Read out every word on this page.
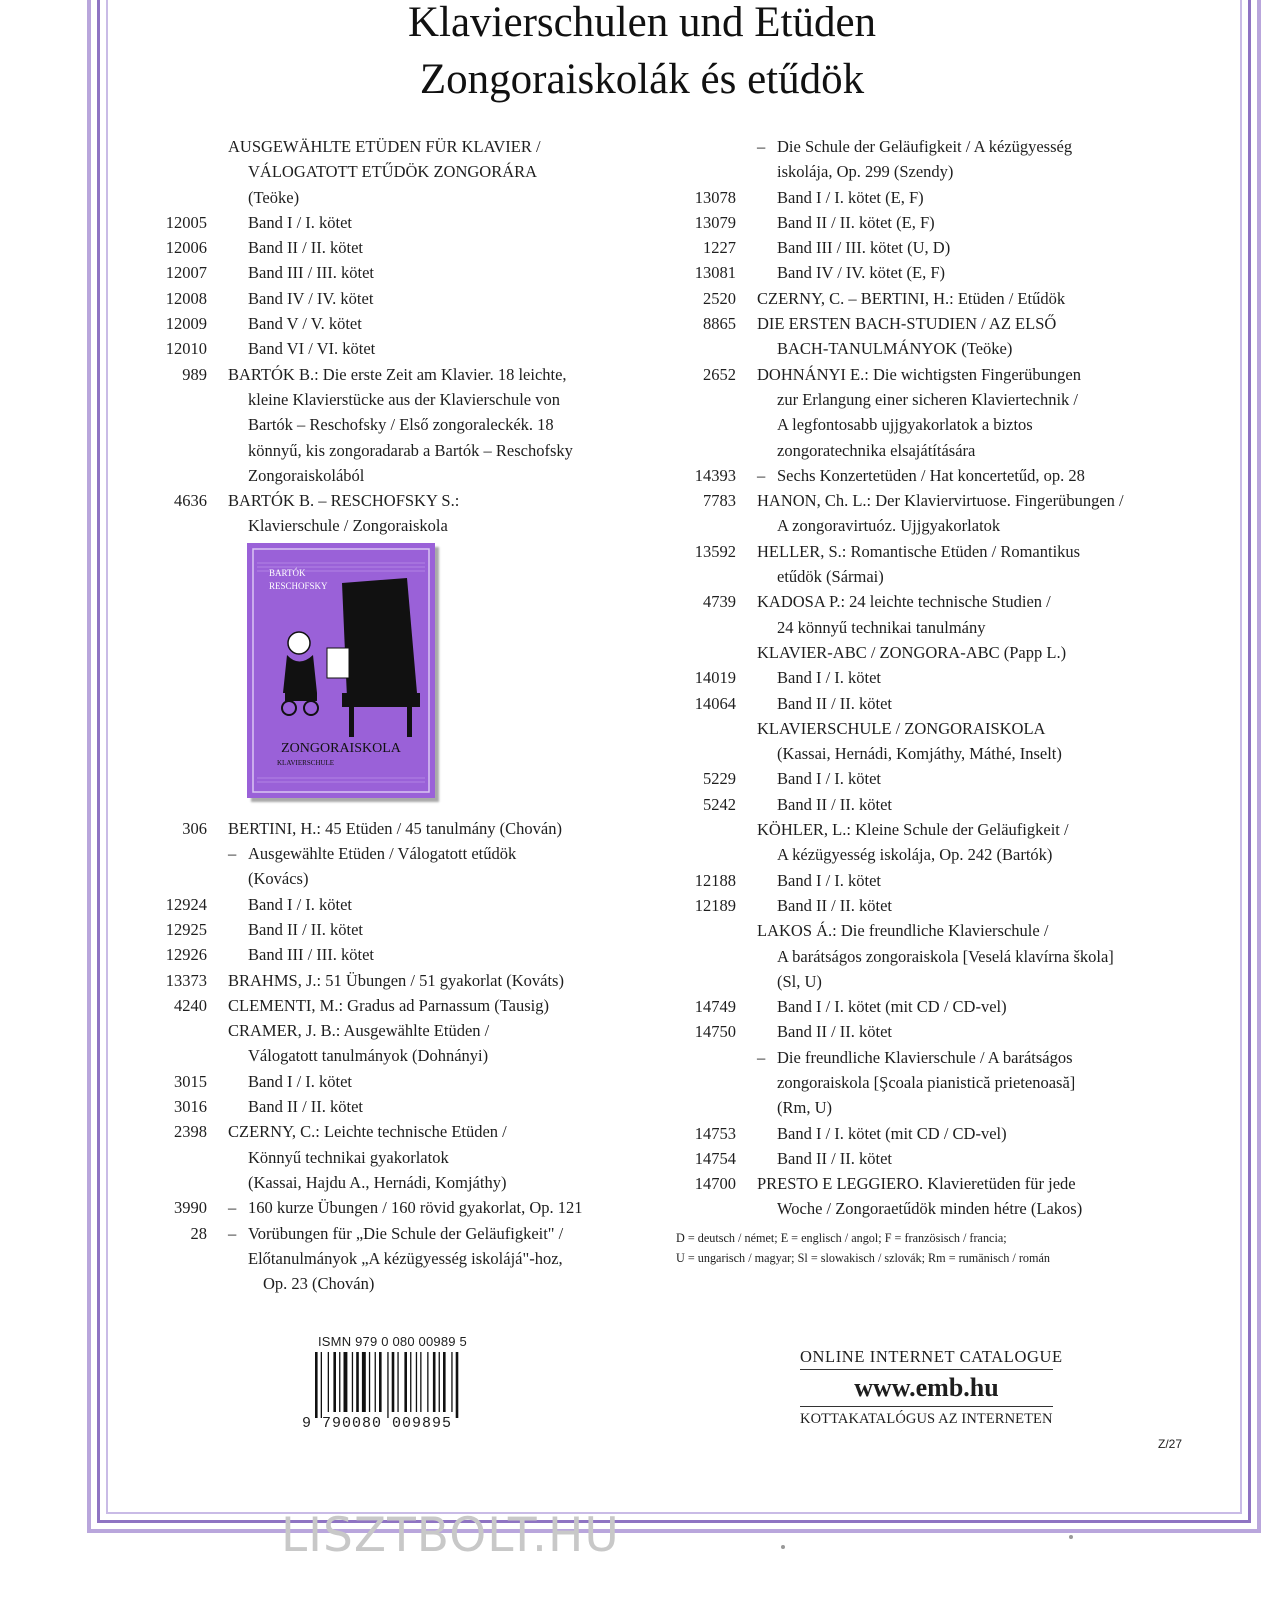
Klavierschulen und Etüden
Zongoraiskolák és etűdök
AUSGEWÄHLTE ETÜDEN FÜR KLAVIER /
VÁLOGATOTT ETŰDÖK ZONGORÁRA
(Teöke)
12005	Band I / I. kötet
12006	Band II / II. kötet
12007	Band III / III. kötet
12008	Band IV / IV. kötet
12009	Band V / V. kötet
12010	Band VI / VI. kötet
989	BARTÓK B.: Die erste Zeit am Klavier. 18 leichte,
kleine Klavierstücke aus der Klavierschule von
Bartók – Reschofsky / Első zongoraleckék. 18
könnyű, kis zongoradarab a Bartók – Reschofsky
Zongoraiskolából
4636	BARTÓK B. – RESCHOFSKY S.:
Klavierschule / Zongoraiskola
BARTÓK
RESCHOFSKY
ZONGORAISKOLA
KLAVIERSCHULE
306	BERTINI, H.: 45 Etüden / 45 tanulmány (Chován)
– Ausgewählte Etüden / Válogatott etűdök
(Kovács)
12924	Band I / I. kötet
12925	Band II / II. kötet
12926	Band III / III. kötet
13373	BRAHMS, J.: 51 Übungen / 51 gyakorlat (Kováts)
4240	CLEMENTI, M.: Gradus ad Parnassum (Tausig)
CRAMER, J. B.: Ausgewählte Etüden /
Válogatott tanulmányok (Dohnányi)
3015	Band I / I. kötet
3016	Band II / II. kötet
2398	CZERNY, C.: Leichte technische Etüden /
Könnyű technikai gyakorlatok
(Kassai, Hajdu A., Hernádi, Komjáthy)
3990 – 160 kurze Übungen / 160 rövid gyakorlat, Op. 121
28 – Vorübungen für „Die Schule der Geläufigkeit" /
Előtanulmányok „A kézügyesség iskolájá"-hoz,
Op. 23 (Chován)
– Die Schule der Geläufigkeit / A kézügyesség
iskolája, Op. 299 (Szendy)
13078	Band I / I. kötet (E, F)
13079	Band II / II. kötet (E, F)
1227	Band III / III. kötet (U, D)
13081	Band IV / IV. kötet (E, F)
2520	CZERNY, C. – BERTINI, H.: Etüden / Etűdök
8865	DIE ERSTEN BACH-STUDIEN / AZ ELSŐ
BACH-TANULMÁNYOK (Teöke)
2652	DOHNÁNYI E.: Die wichtigsten Fingerübungen
zur Erlangung einer sicheren Klaviertechnik /
A legfontosabb ujjgyakorlatok a biztos
zongoratechnika elsajátítására
14393 – Sechs Konzertetüden / Hat koncertetűd, op. 28
7783	HANON, Ch. L.: Der Klaviervirtuose. Fingerübungen /
A zongoravirtuóz. Ujjgyakorlatok
13592	HELLER, S.: Romantische Etüden / Romantikus
etűdök (Sármai)
4739	KADOSA P.: 24 leichte technische Studien /
24 könnyű technikai tanulmány
KLAVIER-ABC / ZONGORA-ABC (Papp L.)
14019	Band I / I. kötet
14064	Band II / II. kötet
KLAVIERSCHULE / ZONGORAISKOLA
(Kassai, Hernádi, Komjáthy, Máthé, Inselt)
5229	Band I / I. kötet
5242	Band II / II. kötet
KÖHLER, L.: Kleine Schule der Geläufigkeit /
A kézügyesség iskolája, Op. 242 (Bartók)
12188	Band I / I. kötet
12189	Band II / II. kötet
LAKOS Á.: Die freundliche Klavierschule /
A barátságos zongoraiskola [Veselá klavírna škola]
(Sl, U)
14749	Band I / I. kötet (mit CD / CD-vel)
14750	Band II / II. kötet
– Die freundliche Klavierschule / A barátságos
zongoraiskola [Şcoala pianistică prietenoasă]
(Rm, U)
14753	Band I / I. kötet (mit CD / CD-vel)
14754	Band II / II. kötet
14700	PRESTO E LEGGIERO. Klavieretüden für jede
Woche / Zongoraetűdök minden hétre (Lakos)
D = deutsch / német; E = englisch / angol; F = französisch / francia;
U = ungarisch / magyar; Sl = slowakisch / szlovák; Rm = rumänisch / román
ISMN 979 0 080 00989 5
9 790080 009895
ONLINE INTERNET CATALOGUE
www.emb.hu
KOTTAKATALÓGUS AZ INTERNETEN
Z/27
LISZTBOLT.HU
